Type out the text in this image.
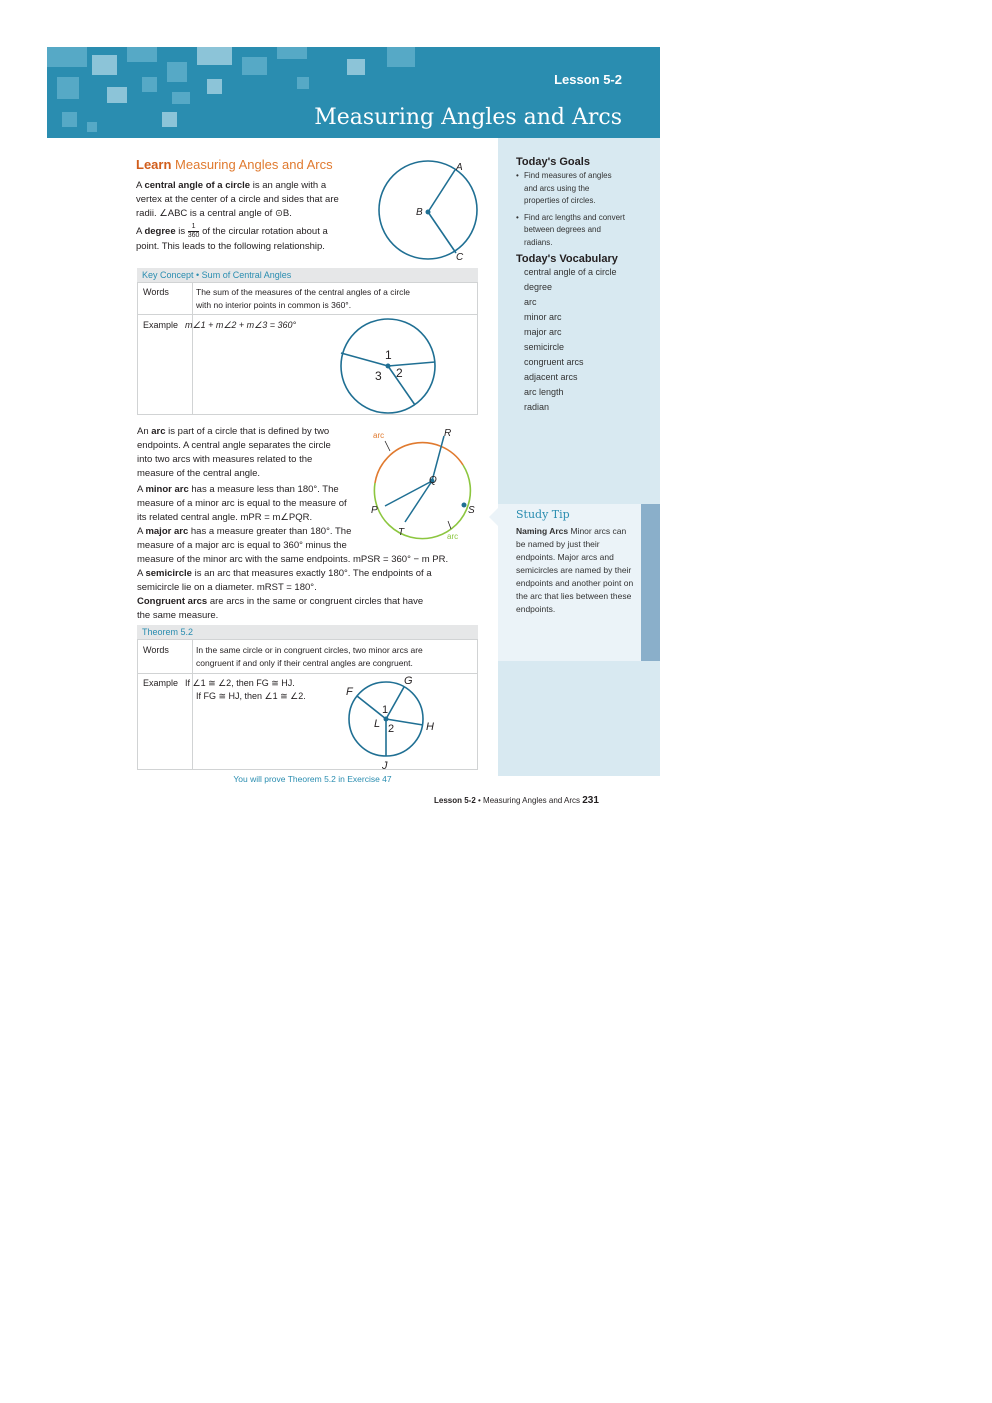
Lesson 5-2
Measuring Angles and Arcs
Learn Measuring Angles and Arcs
A central angle of a circle is an angle with a
vertex at the center of a circle and sides that are
radii. ∠ABC is a central angle of ⊙B.
A degree is $\frac{1}{360}$ of the circular rotation about a
point. This leads to the following relationship.
A
B
C
Key Concept • Sum of Central Angles
Words	The sum of the measures of the central angles of a circle
with no interior points in common is 360°.
Example m∠1 + m∠2 + m∠3 = 360°
1
2
3
An arc is part of a circle that is defined by two
endpoints. A central angle separates the circle
into two arcs with measures related to the
measure of the central angle.
A minor arc has a measure less than 180°. The
measure of a minor arc is equal to the measure of
its related central angle. mPR = m∠PQR.
A major arc has a measure greater than 180°. The
measure of a major arc is equal to 360° minus the
measure of the minor arc with the same endpoints. mPSR = 360° − m PR.
A semicircle is an arc that measures exactly 180°. The endpoints of a
semicircle lie on a diameter. mRST = 180°.
Congruent arcs are arcs in the same or congruent circles that have
the same measure.
arc
arc
R
Q
P	S
T
Theorem 5.2
Words	In the same circle or in congruent circles, two minor arcs are
congruent if and only if their central angles are congruent.
Example If ∠1 ≅ ∠2, then FG ≅ HJ.
If FG ≅ HJ, then ∠1 ≅ ∠2.	F
G
H
J
L
1
2
You will prove Theorem 5.2 in Exercise 47
Today's Goals
• Find measures of angles and arcs using the properties of circles.
• Find arc lengths and convert between degrees and radians.
Today's Vocabulary
central angle of a circle
degree
arc
minor arc
major arc
semicircle
congruent arcs
adjacent arcs
arc length
radian
Study Tip
Naming Arcs Minor arcs can be named by just their endpoints. Major arcs and semicircles are named by their endpoints and another point on the arc that lies between these endpoints.
Lesson 5-2 • Measuring Angles and Arcs 231
